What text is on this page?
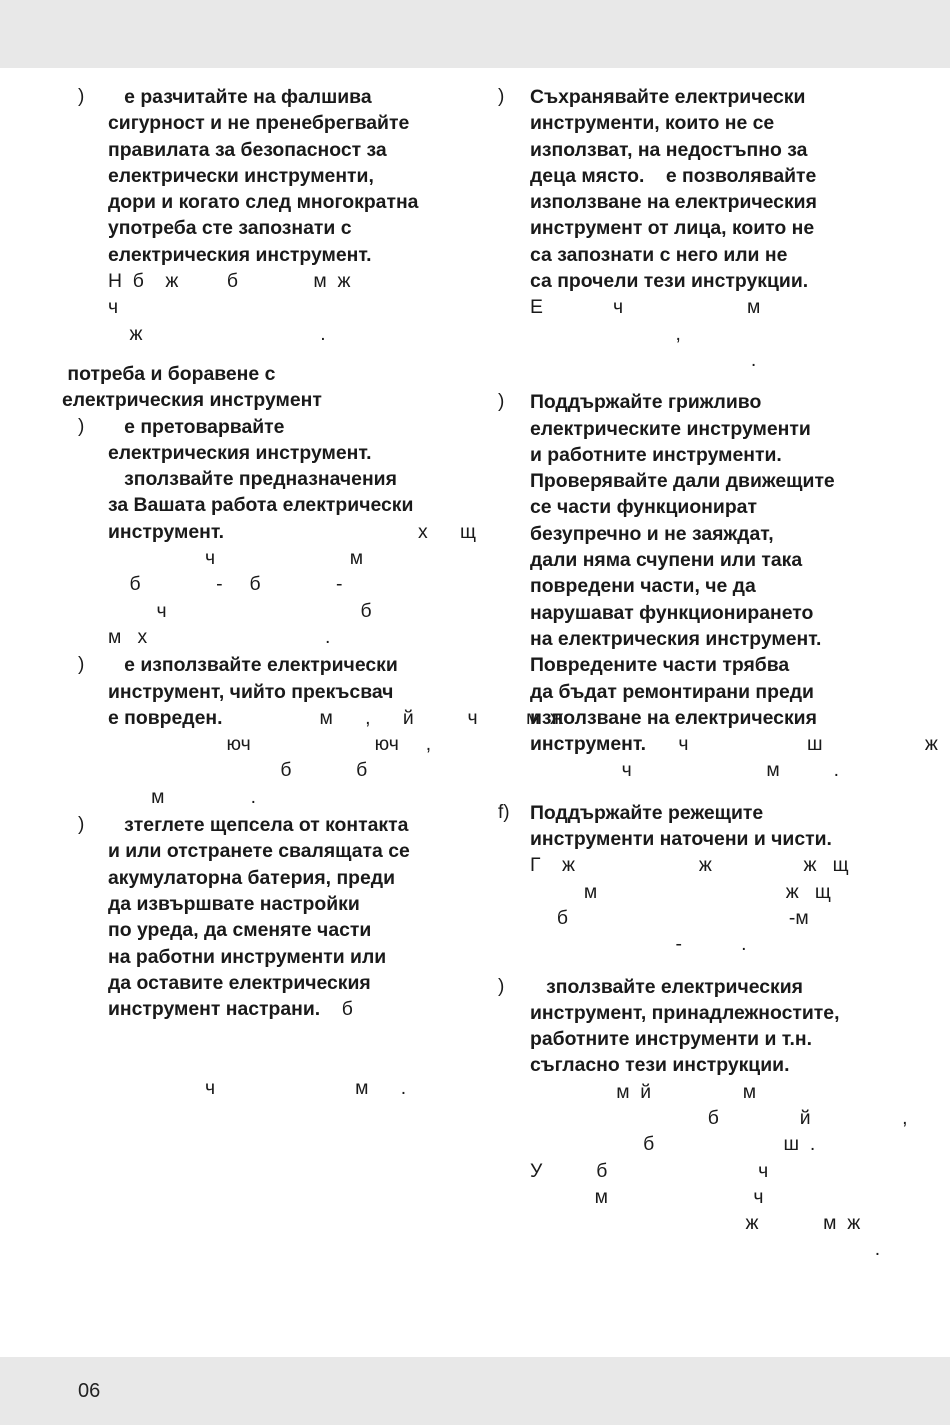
)	е разчитайте на фалшива
сигурност и не пренебрегвайте
правилата за безопасност за
електрически инструменти,
дори и когато след многократна
употреба сте запознати с
електрическия инструмент.
Н  б    ж         б              м  ж
ч
ж                                 .
потреба и боравене с
електрическия инструмент
)	е претоварвайте
електрическия инструмент.
зползвайте предназначения
за Вашата работа електрически
инструмент.	х      щ
ч                         м
б              -     б              -
ч                                    б
м   х                                 .
)	е използвайте електрически
инструмент, чийто прекъсвач
е повреден.	м      ,      й          ч         м  ж
юч                       юч     ,
б            б
м                .
)	зтеглете щепсела от контакта
и или отстранете свалящата се
акумулаторна батерия, преди
да извършвате настройки
по уреда, да сменяте части
на работни инструменти или
да оставите електрическия
инструмент настрани.    б

ч                          м      .
) Съхранявайте електрически
инструменти, които не се
използват, на недостъпно за
деца място.    е позволявайте
използване на електрическия
инструмент от лица, които не
са запознати с него или не
са прочели тези инструкции.
Е             ч                       м
,
.
) Поддържайте грижливо
електрическите инструменти
и работните инструменти.
Проверявайте дали движещите
се части функционират
безупречно и не заяждат,
дали няма счупени или така
повредени части, че да
нарушават функционирането
на електрическия инструмент.
Повредените части трябва
да бъдат ремонтирани преди
използване на електрическия
инструмент.      ч                      ш                   ж
ч                         м          .
f) Поддържайте режещите
инструменти наточени и чисти.
Г    ж                       ж                 ж   щ
м                                   ж   щ
б                                         -м
-           .
)	зползвайте електрическия
инструмент, принадлежностите,
работните инструменти и т.н.
съгласно тези инструкции.
м  й                 м
б               й                 ,
б                        ш  .
У          б                            ч
м                           ч
ж            м  ж
.
06
